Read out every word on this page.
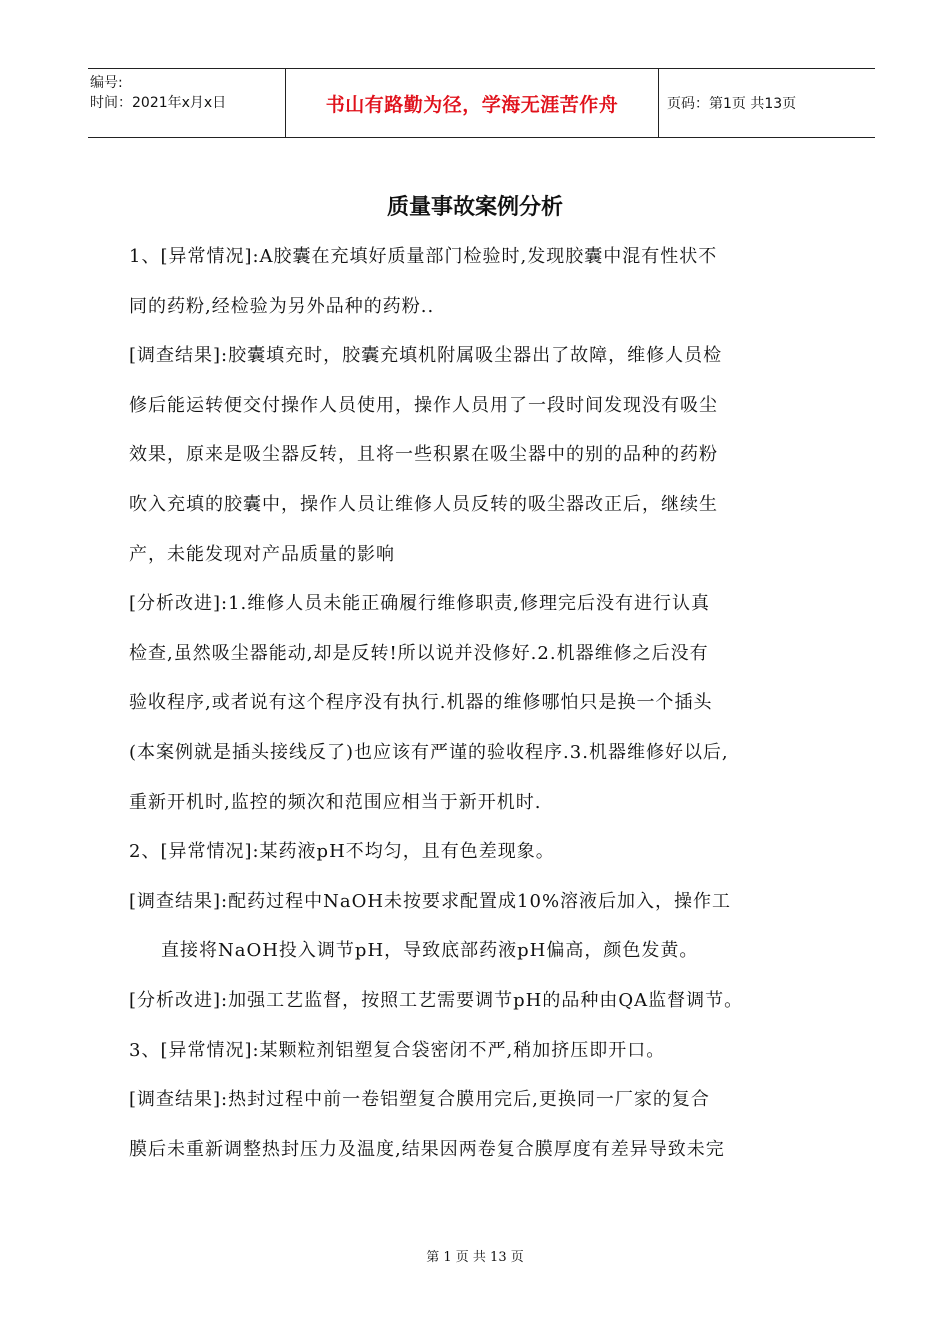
编号:
时间：2021年x月x日	书山有路勤为径，学海无涯苦作舟	页码：第1页 共13页
质量事故案例分析
1、[异常情况]:A胶囊在充填好质量部门检验时,发现胶囊中混有性状不
同的药粉,经检验为另外品种的药粉..
[调查结果]:胶囊填充时，胶囊充填机附属吸尘器出了故障，维修人员检
修后能运转便交付操作人员使用，操作人员用了一段时间发现没有吸尘
效果，原来是吸尘器反转，且将一些积累在吸尘器中的别的品种的药粉
吹入充填的胶囊中，操作人员让维修人员反转的吸尘器改正后，继续生
产，未能发现对产品质量的影响
[分析改进]:1.维修人员未能正确履行维修职责,修理完后没有进行认真
检查,虽然吸尘器能动,却是反转!所以说并没修好.2.机器维修之后没有
验收程序,或者说有这个程序没有执行.机器的维修哪怕只是换一个插头
(本案例就是插头接线反了)也应该有严谨的验收程序.3.机器维修好以后,
重新开机时,监控的频次和范围应相当于新开机时.
2、[异常情况]:某药液pH不均匀，且有色差现象。
[调查结果]:配药过程中NaOH未按要求配置成10%溶液后加入，操作工
直接将NaOH投入调节pH，导致底部药液pH偏高，颜色发黄。
[分析改进]:加强工艺监督，按照工艺需要调节pH的品种由QA监督调节。
3、[异常情况]:某颗粒剂铝塑复合袋密闭不严,稍加挤压即开口。
[调查结果]:热封过程中前一卷铝塑复合膜用完后,更换同一厂家的复合
膜后未重新调整热封压力及温度,结果因两卷复合膜厚度有差异导致未完
第 1 页 共 13 页
